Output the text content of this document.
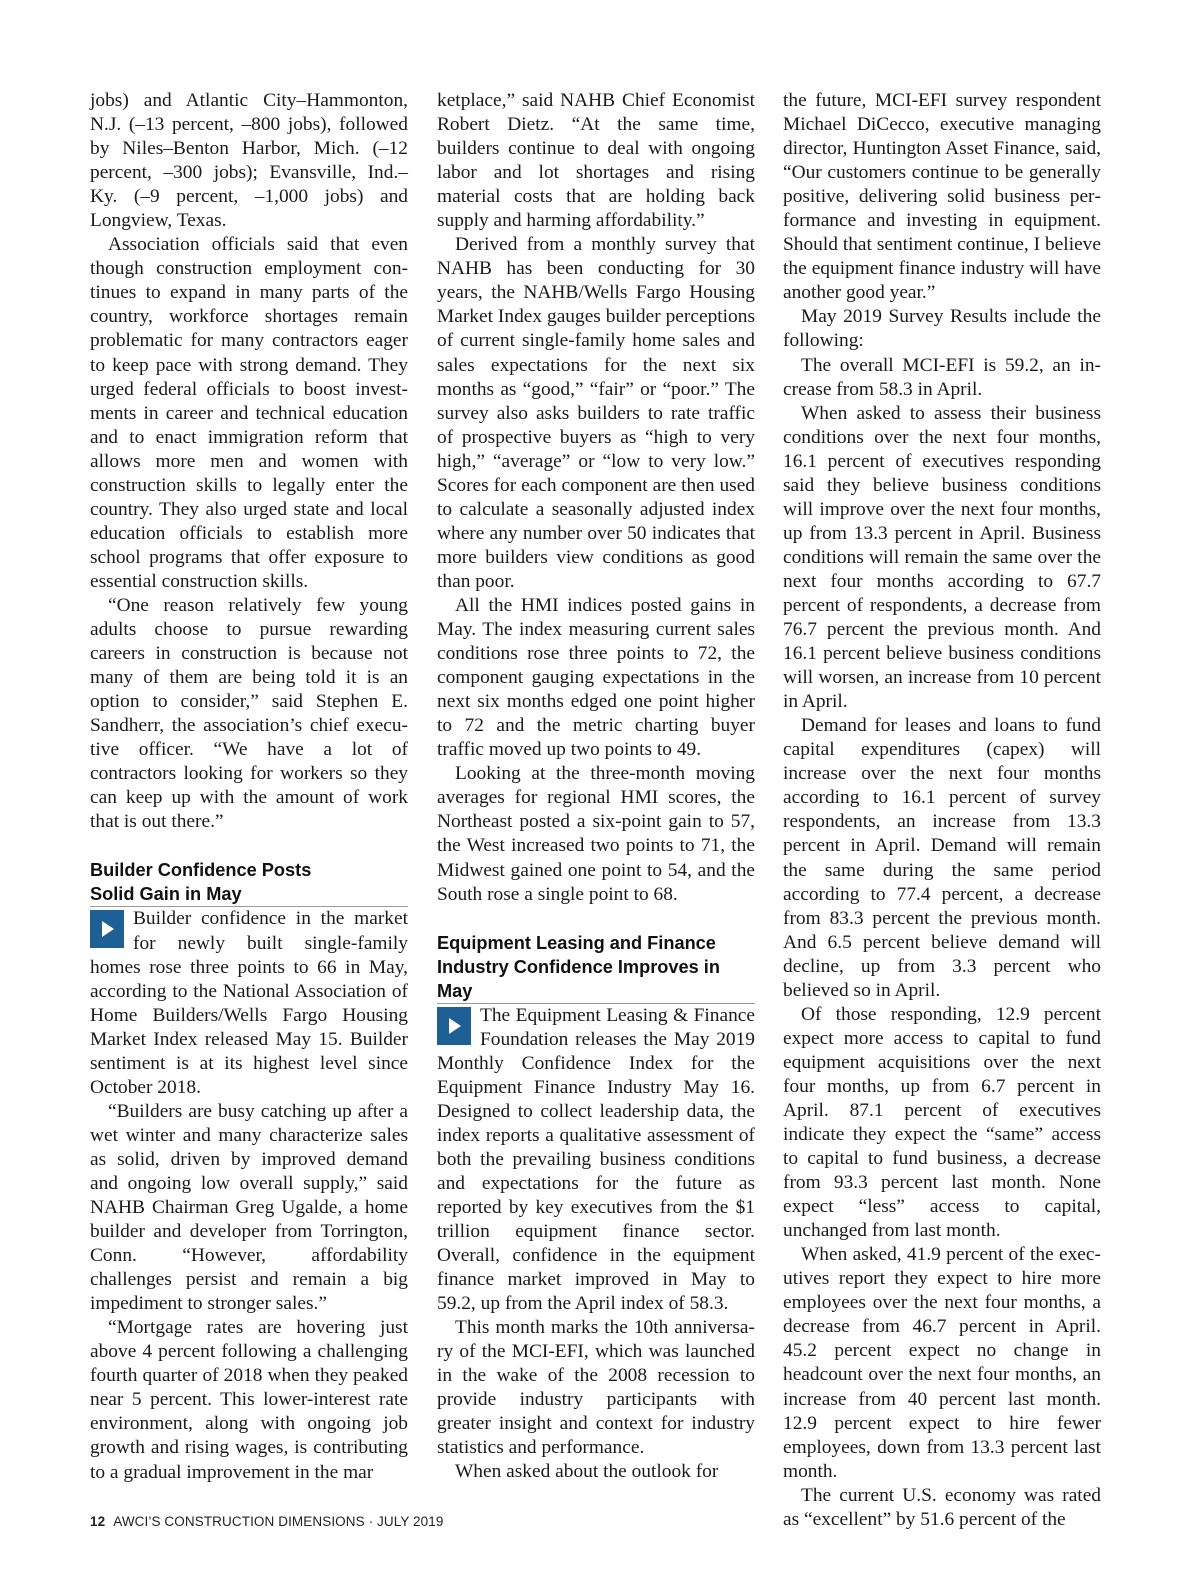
jobs) and Atlantic City–Hammonton, N.J. (–13 percent, –800 jobs), followed by Niles–Benton Harbor, Mich. (–12 percent, –300 jobs); Evansville, Ind.–Ky. (–9 percent, –1,000 jobs) and Longview, Texas.

Association officials said that even though construction employment continues to expand in many parts of the country, workforce shortages remain problematic for many contractors eager to keep pace with strong demand. They urged federal officials to boost investments in career and technical education and to enact immigration reform that allows more men and women with construction skills to legally enter the country. They also urged state and local education officials to establish more school programs that offer exposure to essential construction skills.

“One reason relatively few young adults choose to pursue rewarding careers in construction is because not many of them are being told it is an option to consider,” said Stephen E. Sandherr, the association’s chief executive officer. “We have a lot of contractors looking for workers so they can keep up with the amount of work that is out there.”

Builder Confidence Posts
Solid Gain in May

Builder confidence in the market for newly built single-family homes rose three points to 66 in May, according to the National Association of Home Builders/Wells Fargo Housing Market Index released May 15. Builder sentiment is at its highest level since October 2018.

“Builders are busy catching up after a wet winter and many characterize sales as solid, driven by improved demand and ongoing low overall supply,” said NAHB Chairman Greg Ugalde, a home builder and developer from Torrington, Conn. “However, affordability challenges persist and remain a big impediment to stronger sales.”

“Mortgage rates are hovering just above 4 percent following a challenging fourth quarter of 2018 when they peaked near 5 percent. This lower-interest rate environment, along with ongoing job growth and rising wages, is contributing to a gradual improvement in the mar

ketplace,” said NAHB Chief Economist Robert Dietz. “At the same time, builders continue to deal with ongoing labor and lot shortages and rising material costs that are holding back supply and harming affordability.”

Derived from a monthly survey that NAHB has been conducting for 30 years, the NAHB/Wells Fargo Housing Market Index gauges builder perceptions of current single-family home sales and sales expectations for the next six months as “good,” “fair” or “poor.” The survey also asks builders to rate traffic of prospective buyers as “high to very high,” “average” or “low to very low.” Scores for each component are then used to calculate a seasonally adjusted index where any number over 50 indicates that more builders view conditions as good than poor.

All the HMI indices posted gains in May. The index measuring current sales conditions rose three points to 72, the component gauging expectations in the next six months edged one point higher to 72 and the metric charting buyer traffic moved up two points to 49.

Looking at the three-month moving averages for regional HMI scores, the Northeast posted a six-point gain to 57, the West increased two points to 71, the Midwest gained one point to 54, and the South rose a single point to 68.

Equipment Leasing and Finance
Industry Confidence Improves in May

The Equipment Leasing & Finance Foundation releases the May 2019 Monthly Confidence Index for the Equipment Finance Industry May 16. Designed to collect leadership data, the index reports a qualitative assessment of both the prevailing business conditions and expectations for the future as reported by key executives from the $1 trillion equipment finance sector. Overall, confidence in the equipment finance market improved in May to 59.2, up from the April index of 58.3.

This month marks the 10th anniversary of the MCI-EFI, which was launched in the wake of the 2008 recession to provide industry participants with greater insight and context for industry statistics and performance.

When asked about the outlook for

the future, MCI-EFI survey respondent Michael DiCecco, executive managing director, Huntington Asset Finance, said, “Our customers continue to be generally positive, delivering solid business performance and investing in equipment. Should that sentiment continue, I believe the equipment finance industry will have another good year.”

May 2019 Survey Results include the following:

The overall MCI-EFI is 59.2, an increase from 58.3 in April.

When asked to assess their business conditions over the next four months, 16.1 percent of executives responding said they believe business conditions will improve over the next four months, up from 13.3 percent in April. Business conditions will remain the same over the next four months according to 67.7 percent of respondents, a decrease from 76.7 percent the previous month. And 16.1 percent believe business conditions will worsen, an increase from 10 percent in April.

Demand for leases and loans to fund capital expenditures (capex) will increase over the next four months according to 16.1 percent of survey respondents, an increase from 13.3 percent in April. Demand will remain the same during the same period according to 77.4 percent, a decrease from 83.3 percent the previous month. And 6.5 percent believe demand will decline, up from 3.3 percent who believed so in April.

Of those responding, 12.9 percent expect more access to capital to fund equipment acquisitions over the next four months, up from 6.7 percent in April. 87.1 percent of executives indicate they expect the “same” access to capital to fund business, a decrease from 93.3 percent last month. None expect “less” access to capital, unchanged from last month.

When asked, 41.9 percent of the executives report they expect to hire more employees over the next four months, a decrease from 46.7 percent in April. 45.2 percent expect no change in headcount over the next four months, an increase from 40 percent last month. 12.9 percent expect to hire fewer employees, down from 13.3 percent last month.

The current U.S. economy was rated as “excellent” by 51.6 percent of the

12 AWCI’S CONSTRUCTION DIMENSIONS · JULY 2019
